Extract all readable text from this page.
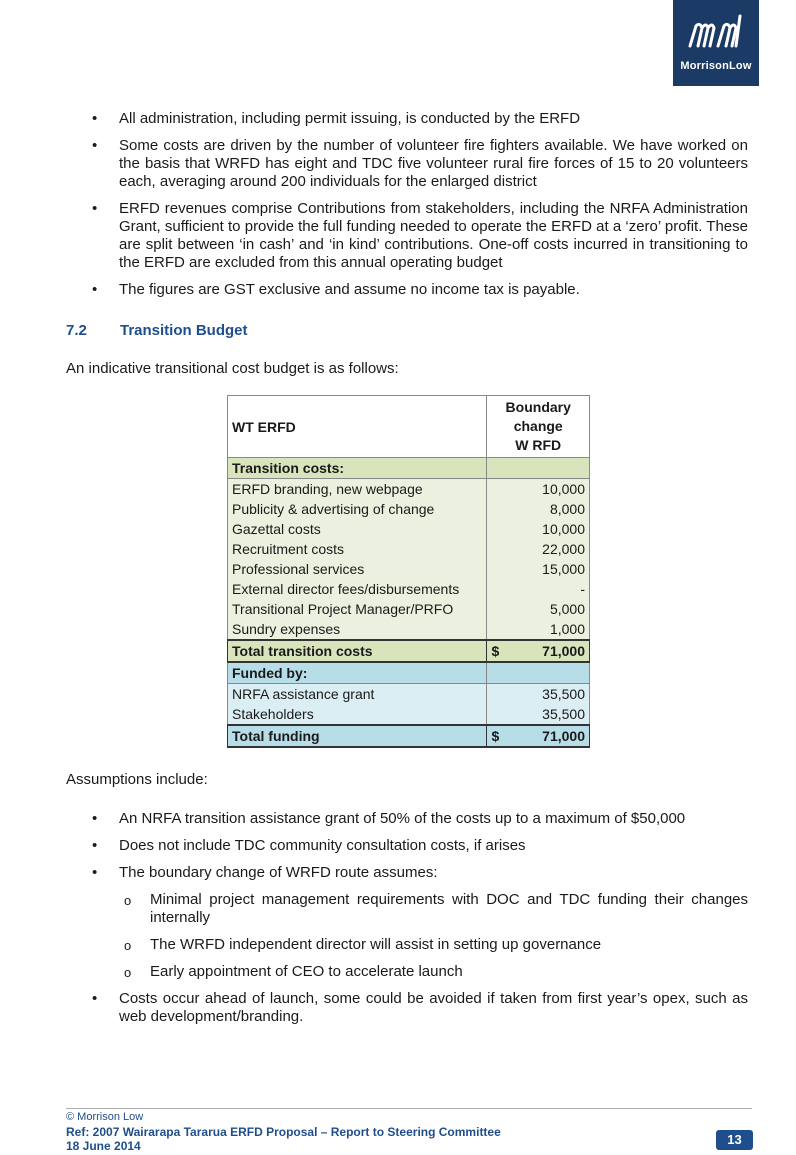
MorrisonLow
• All administration, including permit issuing, is conducted by the ERFD
• Some costs are driven by the number of volunteer fire fighters available. We have worked on the basis that WRFD has eight and TDC five volunteer rural fire forces of 15 to 20 volunteers each, averaging around 200 individuals for the enlarged district
• ERFD revenues comprise Contributions from stakeholders, including the NRFA Administration Grant, sufficient to provide the full funding needed to operate the ERFD at a ‘zero’ profit. These are split between ‘in cash’ and ‘in kind’ contributions. One-off costs incurred in transitioning to the ERFD are excluded from this annual operating budget
• The figures are GST exclusive and assume no income tax is payable.
7.2 Transition Budget
An indicative transitional cost budget is as follows:
WT ERFD	Boundary
change
W RFD

Transition costs:	
ERFD branding, new webpage	10,000
Publicity & advertising of change	8,000
Gazettal costs	10,000
Recruitment costs	22,000
Professional services	15,000
External director fees/disbursements	-
Transitional Project Manager/PRFO	5,000
Sundry expenses	1,000
Total transition costs	$ 71,000
Funded by:	
NRFA assistance grant	35,500
Stakeholders	35,500
Total funding	$ 71,000
Assumptions include:
• An NRFA transition assistance grant of 50% of the costs up to a maximum of $50,000
• Does not include TDC community consultation costs, if arises
• The boundary change of WRFD route assumes:
o Minimal project management requirements with DOC and TDC funding their changes internally
o The WRFD independent director will assist in setting up governance
o Early appointment of CEO to accelerate launch
• Costs occur ahead of launch, some could be avoided if taken from first year’s opex, such as web development/branding.
© Morrison Low
Ref: 2007 Wairarapa Tararua ERFD Proposal – Report to Steering Committee
18 June 2014	13
